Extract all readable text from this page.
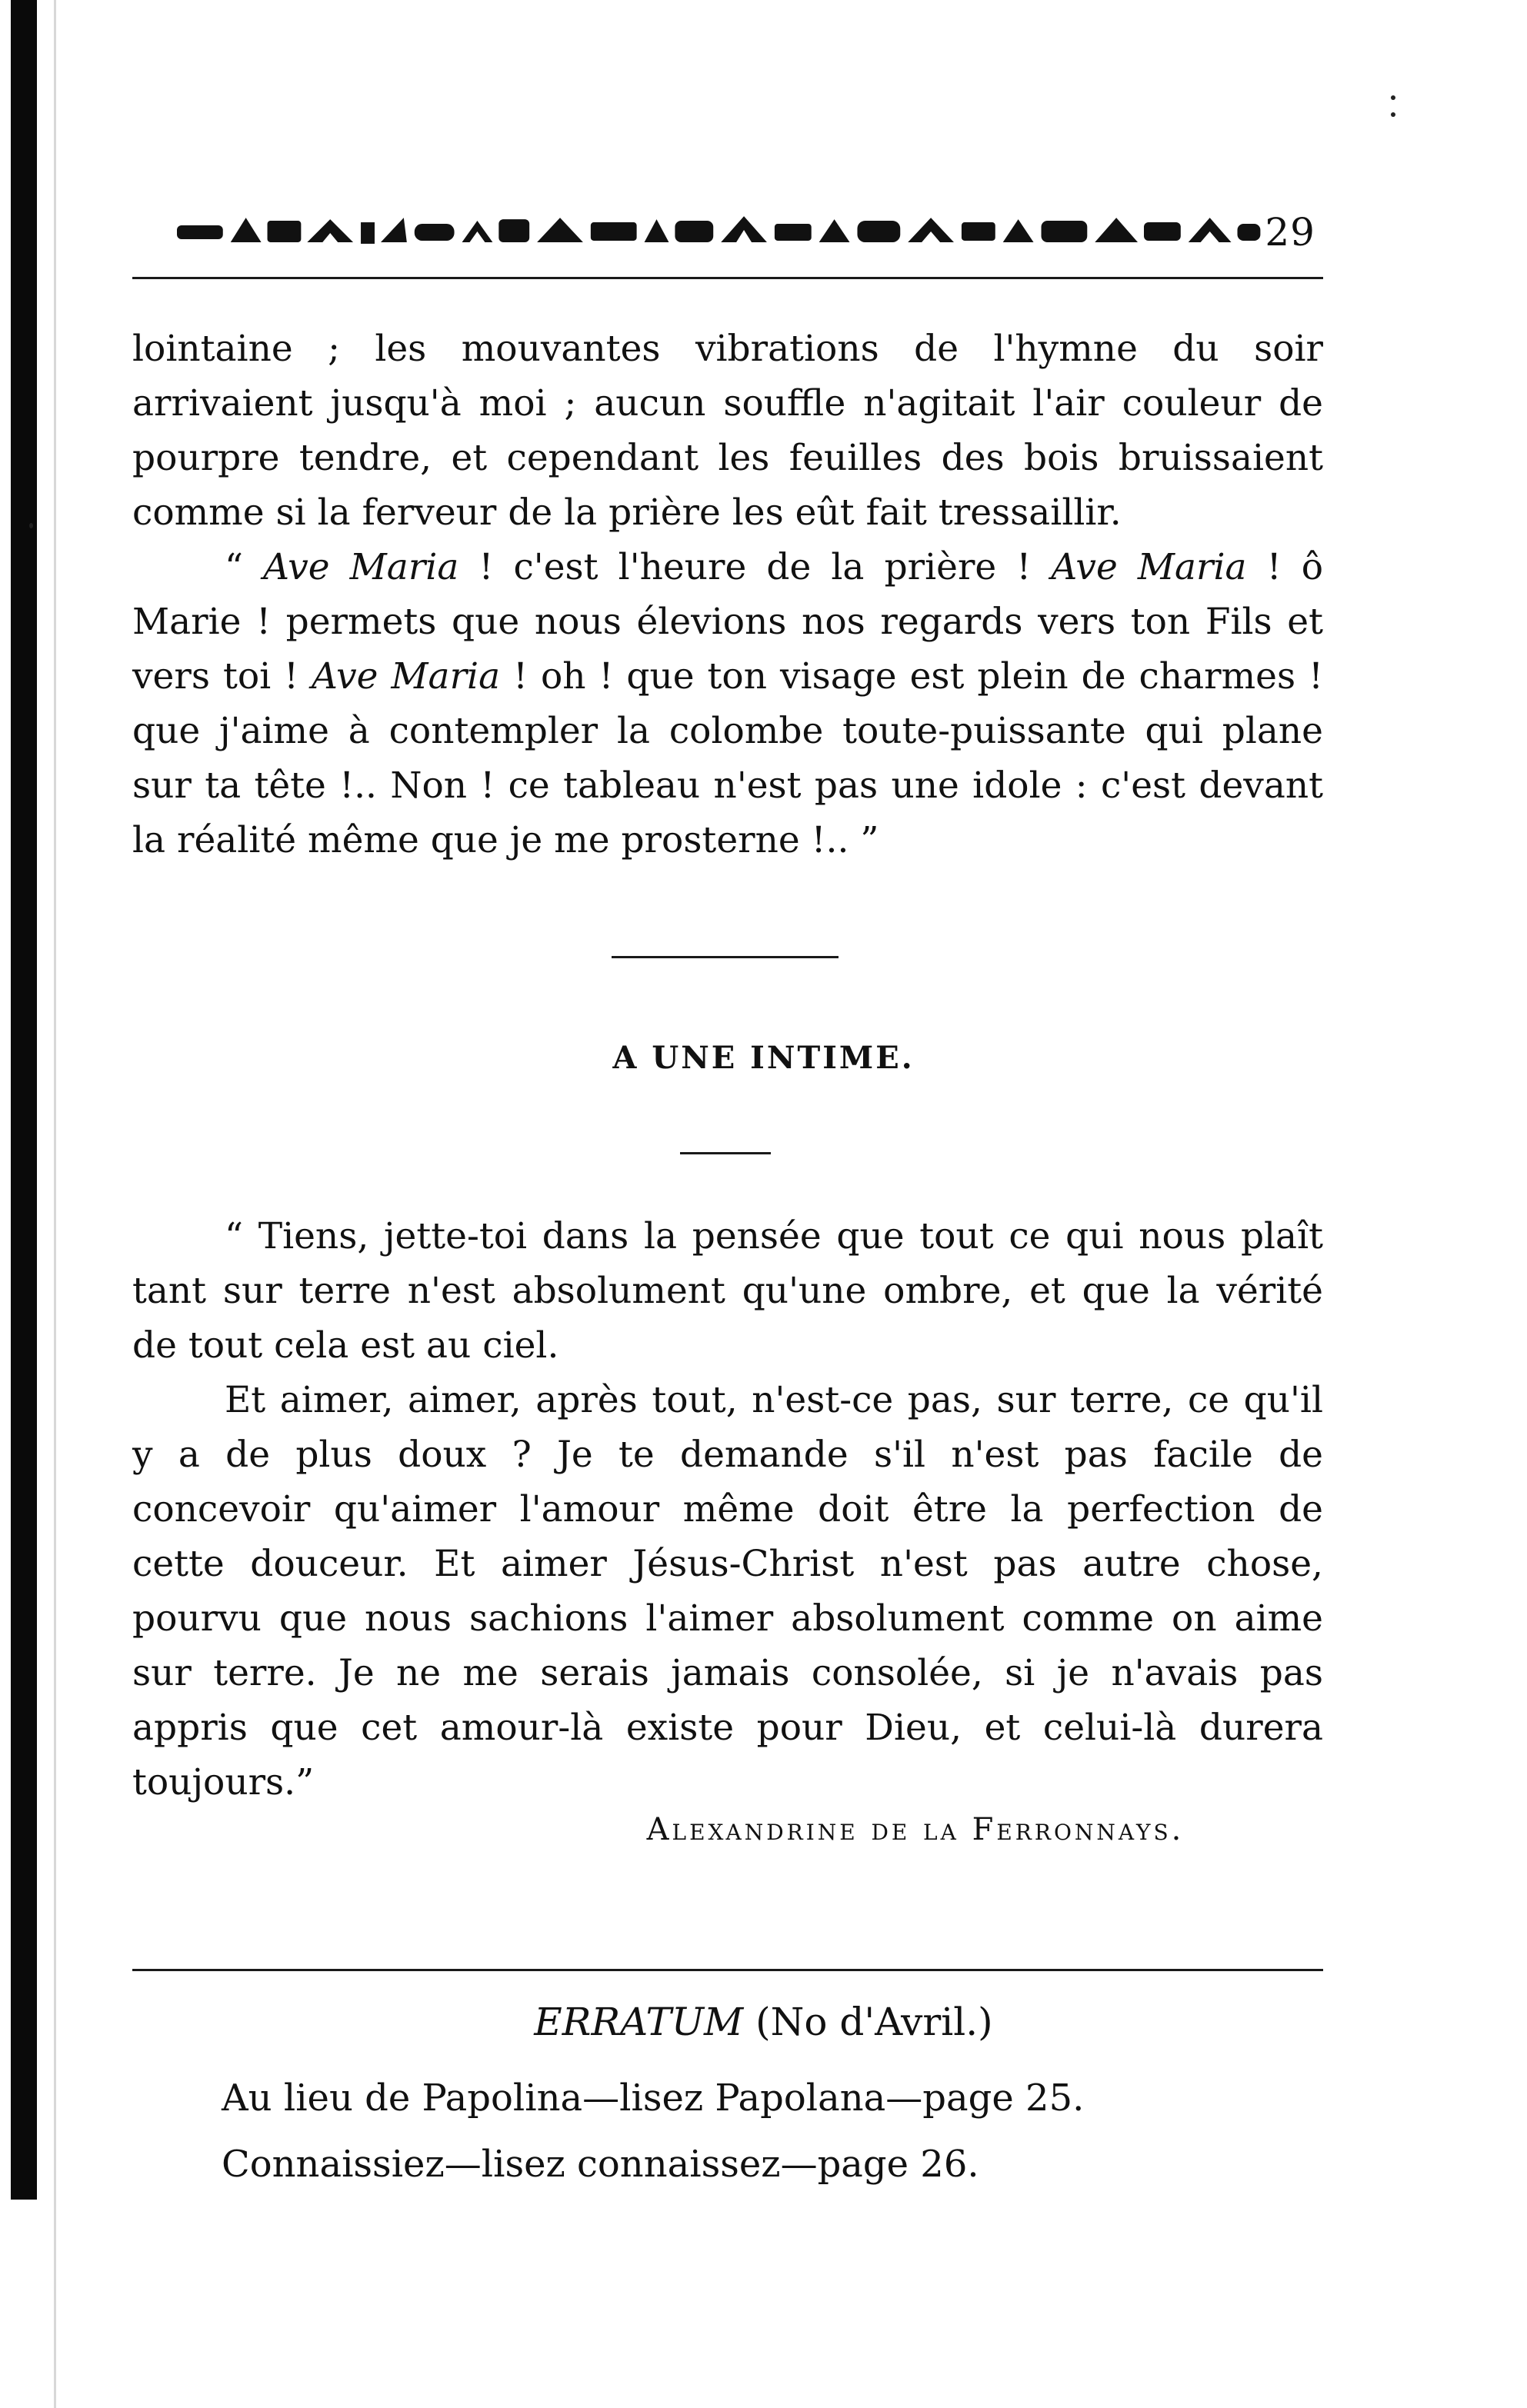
29

lointaine ; les mouvantes vibrations de l'hymne du soir arrivaient jusqu'à moi ; aucun souffle n'agitait l'air couleur de pourpre tendre, et cependant les feuilles des bois bruissaient comme si la ferveur de la prière les eût fait tressaillir.

“ Ave Maria ! c'est l'heure de la prière ! Ave Maria ! ô Marie ! permets que nous élevions nos regards vers ton Fils et vers toi ! Ave Maria ! oh ! que ton visage est plein de charmes ! que j'aime à contempler la colombe toute-puissante qui plane sur ta tête !.. Non ! ce tableau n'est pas une idole : c'est devant la réalité même que je me prosterne !.. ”

A UNE INTIME.

“ Tiens, jette-toi dans la pensée que tout ce qui nous plaît tant sur terre n'est absolument qu'une ombre, et que la vérité de tout cela est au ciel.

Et aimer, aimer, après tout, n'est-ce pas, sur terre, ce qu'il y a de plus doux ? Je te demande s'il n'est pas facile de concevoir qu'aimer l'amour même doit être la perfection de cette douceur. Et aimer Jésus-Christ n'est pas autre chose, pourvu que nous sachions l'aimer absolument comme on aime sur terre. Je ne me serais jamais consolée, si je n'avais pas appris que cet amour-là existe pour Dieu, et celui-là durera toujours.”

Alexandrine de la Ferronnays.

ERRATUM (No d'Avril.)

Au lieu de Papolina—lisez Papolana—page 25.

Connaissiez—lisez connaissez—page 26.
